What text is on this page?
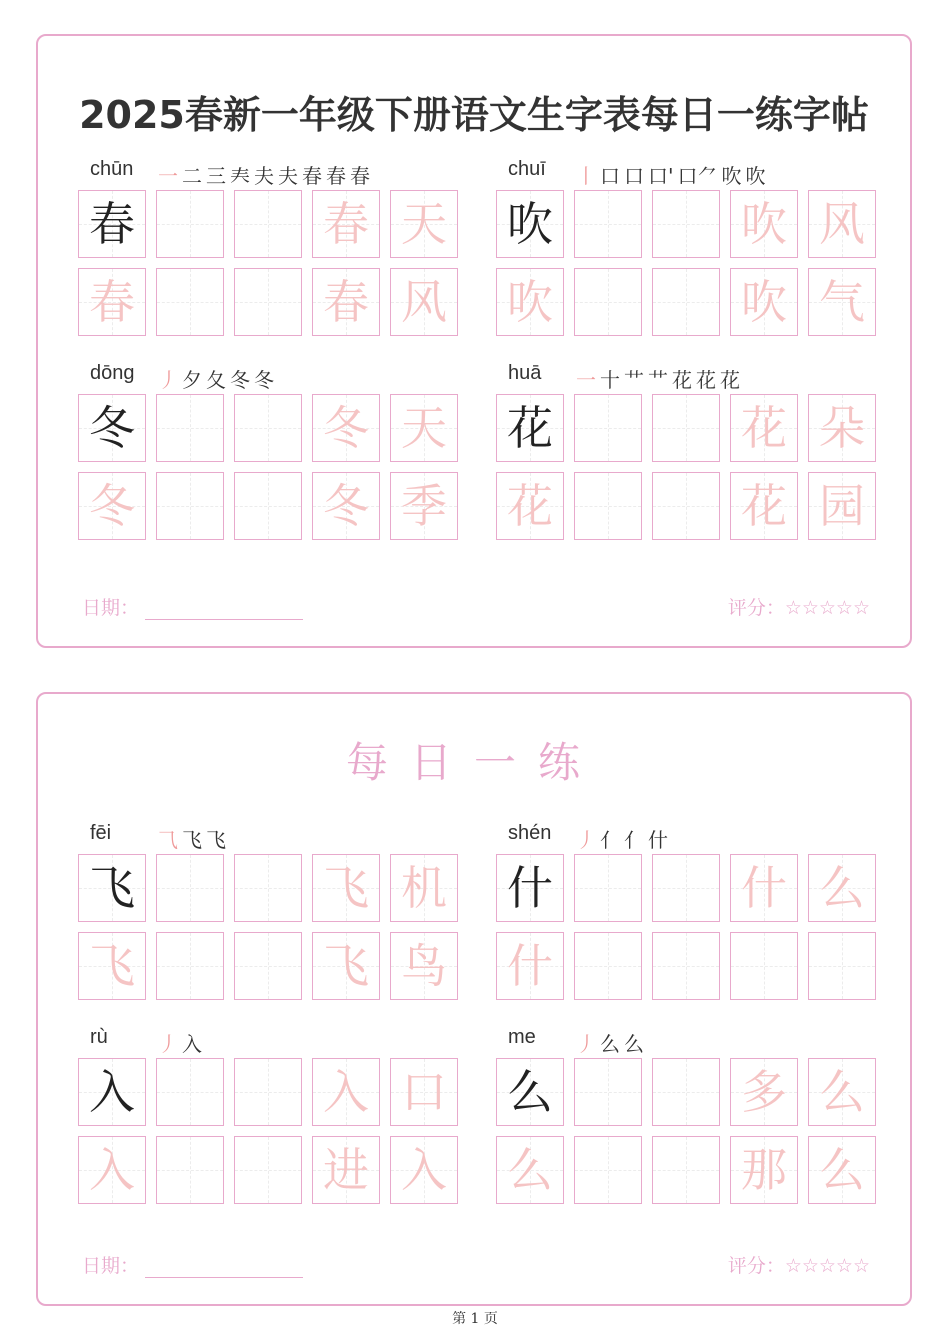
2025春新一年级下册语文生字表每日一练字帖
chūn 一 二 三 𡗗 夫 夫 春 春 春
春	春 天
春	春 风
chuī 丨 口 口 口' 口⺈ 吹 吹
吹	吹 风
吹	吹 气
dōng 丿 夕 夂 冬 冬
冬	冬 天
冬	冬 季
huā 一 十 艹 艹 花 花 花
花	花 朵
花	花 园
日期：	评分：☆☆☆☆☆
每日一练
fēi ⺄ 飞 飞
飞	飞 机
飞	飞 鸟
shén 丿 亻 亻 什
什	什 么
什
rù	丿 入
入	入 口
入	进 入
me 丿 么 么
么	多 么
么	那 么
日期：	评分：☆☆☆☆☆
第 1 页
